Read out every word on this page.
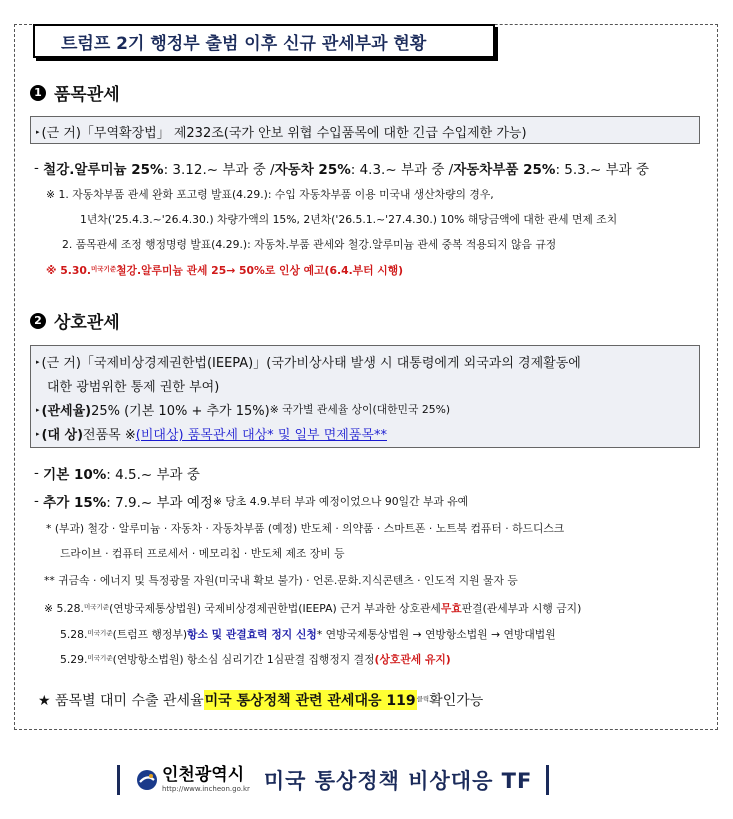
트럼프 2기 행정부 출범 이후 신규 관세부과 현황
1 품목관세
▸ (근 거) 「무역확장법」 제232조(국가 안보 위협 수입품목에 대한 긴급 수입제한 가능)
- 철강.알루미늄 25% : 3.12.~ 부과 중 / 자동차 25% : 4.3.~ 부과 중 / 자동차부품 25% : 5.3.~ 부과 중
※ 1. 자동차부품 관세 완화 포고령 발표(4.29.): 수입 자동차부품 이용 미국내 생산차량의 경우,
1년차('25.4.3.~'26.4.30.) 차량가액의 15%, 2년차('26.5.1.~'27.4.30.) 10% 해당금액에 대한 관세 면제 조치
2. 품목관세 조정 행정명령 발표(4.29.): 자동차.부품 관세와 철강.알루미늄 관세 중복 적용되지 않음 규정
※ 5.30.$^{미국기준}$ 철강.알루미늄 관세 25→ 50%로 인상 예고(6.4.부터 시행)
2 상호관세
▸ (근 거) 「국제비상경제권한법(IEEPA)」(국가비상사태 발생 시 대통령에게 외국과의 경제활동에
대한 광범위한 통제 권한 부여)
▸ (관세율) 25% (기본 10% + 추가 15%) ※ 국가별 관세율 상이(대한민국 25%)
▸ (대 상) 전품목 ※ (비대상) 품목관세 대상* 및 일부 면제품목**
- 기본 10% : 4.5.~ 부과 중
- 추가 15% : 7.9.~ 부과 예정 ※ 당초 4.9.부터 부과 예정이었으나 90일간 부과 유예
* (부과) 철강 · 알루미늄 · 자동차 · 자동차부품 (예정) 반도체 · 의약품 · 스마트폰 · 노트북 컴퓨터 · 하드디스크
드라이브 · 컴퓨터 프로세서 · 메모리칩 · 반도체 제조 장비 등
** 귀금속 · 에너지 및 특정광물 자원(미국내 확보 불가) · 언론.문화.지식콘텐츠 · 인도적 지원 물자 등
※ 5.28.$^{미국기준}$ (연방국제통상법원) 국제비상경제권한법(IEEPA) 근거 부과한 상호관세 무효 판결(관세부과 시행 금지)
5.28.$^{미국기준}$ (트럼프 행정부) 항소 및 관결효력 정지 신청 * 연방국제통상법원 → 연방항소법원 → 연방대법원
5.29.$^{미국기준}$ (연방항소법원) 항소심 심리기간 1심판결 집행정지 결정 (상호관세 유지)
★ 품목별 대미 수출 관세율 미국 통상정책 관련 관세대응 $119^{클릭}$ 확인가능
인천광역시
http://www.incheon.go.kr 미국 통상정책 비상대응 TF
